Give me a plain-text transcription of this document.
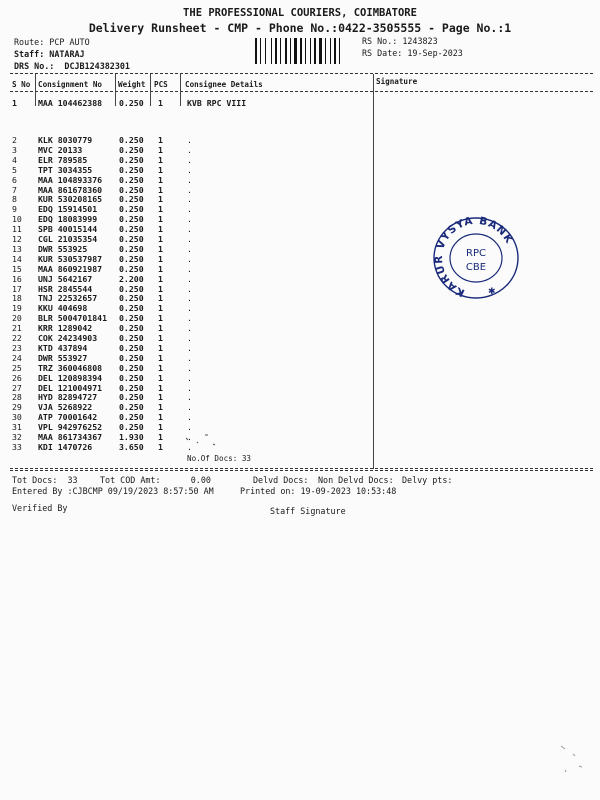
THE PROFESSIONAL COURIERS, COIMBATORE
Delivery Runsheet - CMP - Phone No.:0422-3505555 - Page No.:1
Route: PCP AUTO
Staff: NATARAJ
DRS No.:  DCJB124382301
RS No.: 1243823
RS Date: 19-Sep-2023
S No Consignment No Weight PCS Consignee Details	Signature
1	MAA 104462388 0.250 1	KVB RPC VIII
2	KLK 8030779	0.250 1	.
3	MVC 20133	0.250 1	.
4	ELR 789585	0.250 1	.
5	TPT 3034355	0.250 1	.
6	MAA 104893376 0.250 1	.
7	MAA 861678360 0.250 1	.
8	KUR 530208165 0.250 1	.
9	EDQ 15914501	0.250 1	.
10 EDQ 18083999	0.250 1	.
11 SPB 40015144	0.250 1	.
12 CGL 21035354	0.250 1	.
13 DWR 553925	0.250 1	.
14 KUR 530537987 0.250 1	.
15 MAA 860921987 0.250 1	.
16 UNJ 5642167	2.200 1	.
17 HSR 2845544	0.250 1	.
18 TNJ 22532657	0.250 1	.
19 KKU 404698	0.250 1	.
20 BLR 5004701841 0.250 1	.
21 KRR 1289042	0.250 1	.
22 COK 24234903	0.250 1	.
23 KTD 437894	0.250 1	.
24 DWR 553927	0.250 1	.
25 TRZ 360046808 0.250 1	.
26 DEL 120898394 0.250 1	.
27 DEL 121004971 0.250 1	.
28 HYD 82894727	0.250 1	.
29 VJA 5268922	0.250 1	.
30 ATP 70001642	0.250 1	.
31 VPL 942976252 0.250 1	.
32 MAA 861734367 1.930 1	.
33 KDI 1470726	3.650 1	.
No.Of Docs: 33
KARUR VYSYA BANK
RPC
CBE
✱
Tot Docs:  33	Tot COD Amt:      0.00	Delvd Docs: Non Delvd Docs: Delvy pts:
Entered By :CJBCMP 09/19/2023 8:57:50 AM	Printed on: 19-09-2023 10:53:48
Verified By	Staff Signature
